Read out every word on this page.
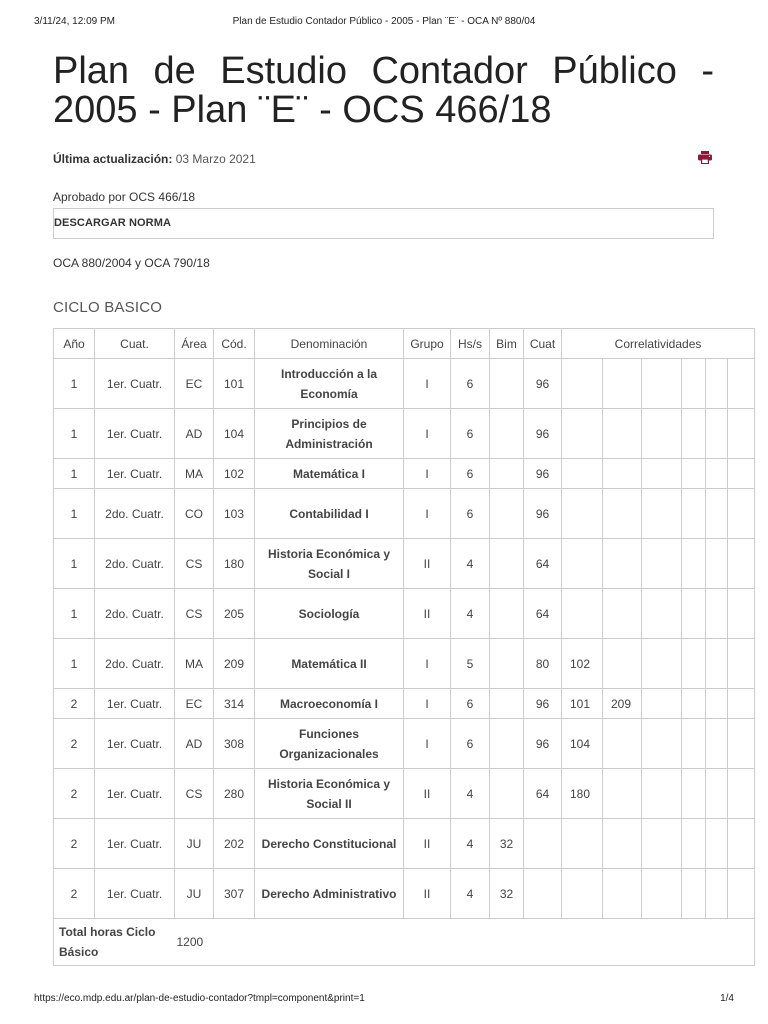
3/11/24, 12:09 PM	Plan de Estudio Contador Público - 2005 - Plan ¨E¨ - OCA Nº 880/04
Plan de Estudio Contador Público - 2005 - Plan ¨E¨ - OCS 466/18
Última actualización: 03 Marzo 2021
Aprobado por OCS 466/18
DESCARGAR NORMA
OCA 880/2004 y OCA 790/18
CICLO BASICO
Año	Cuat.	Área	Cód.	Denominación	Grupo	Hs/s	Bim	Cuat	Correlatividades					
1	1er. Cuatr.	EC	101	Introducción a la Economía	I	6		96						
1	1er. Cuatr.	AD	104	Principios de Administración	I	6		96						
1	1er. Cuatr.	MA	102	Matemática I	I	6		96						
1	2do. Cuatr.	CO	103	Contabilidad I	I	6		96						
1	2do. Cuatr.	CS	180	Historia Económica y Social I	II	4		64						
1	2do. Cuatr.	CS	205	Sociología	II	4		64						
1	2do. Cuatr.	MA	209	Matemática II	I	5		80	102					
2	1er. Cuatr.	EC	314	Macroeconomía I	I	6		96	101	209				
2	1er. Cuatr.	AD	308	Funciones Organizacionales	I	6		96	104					
2	1er. Cuatr.	CS	280	Historia Económica y Social II	II	4		64	180					
2	1er. Cuatr.	JU	202	Derecho Constitucional	II	4	32							
2	1er. Cuatr.	JU	307	Derecho Administrativo	II	4	32							
Total horas Ciclo Básico		1200												
https://eco.mdp.edu.ar/plan-de-estudio-contador?tmpl=component&print=1	1/4
